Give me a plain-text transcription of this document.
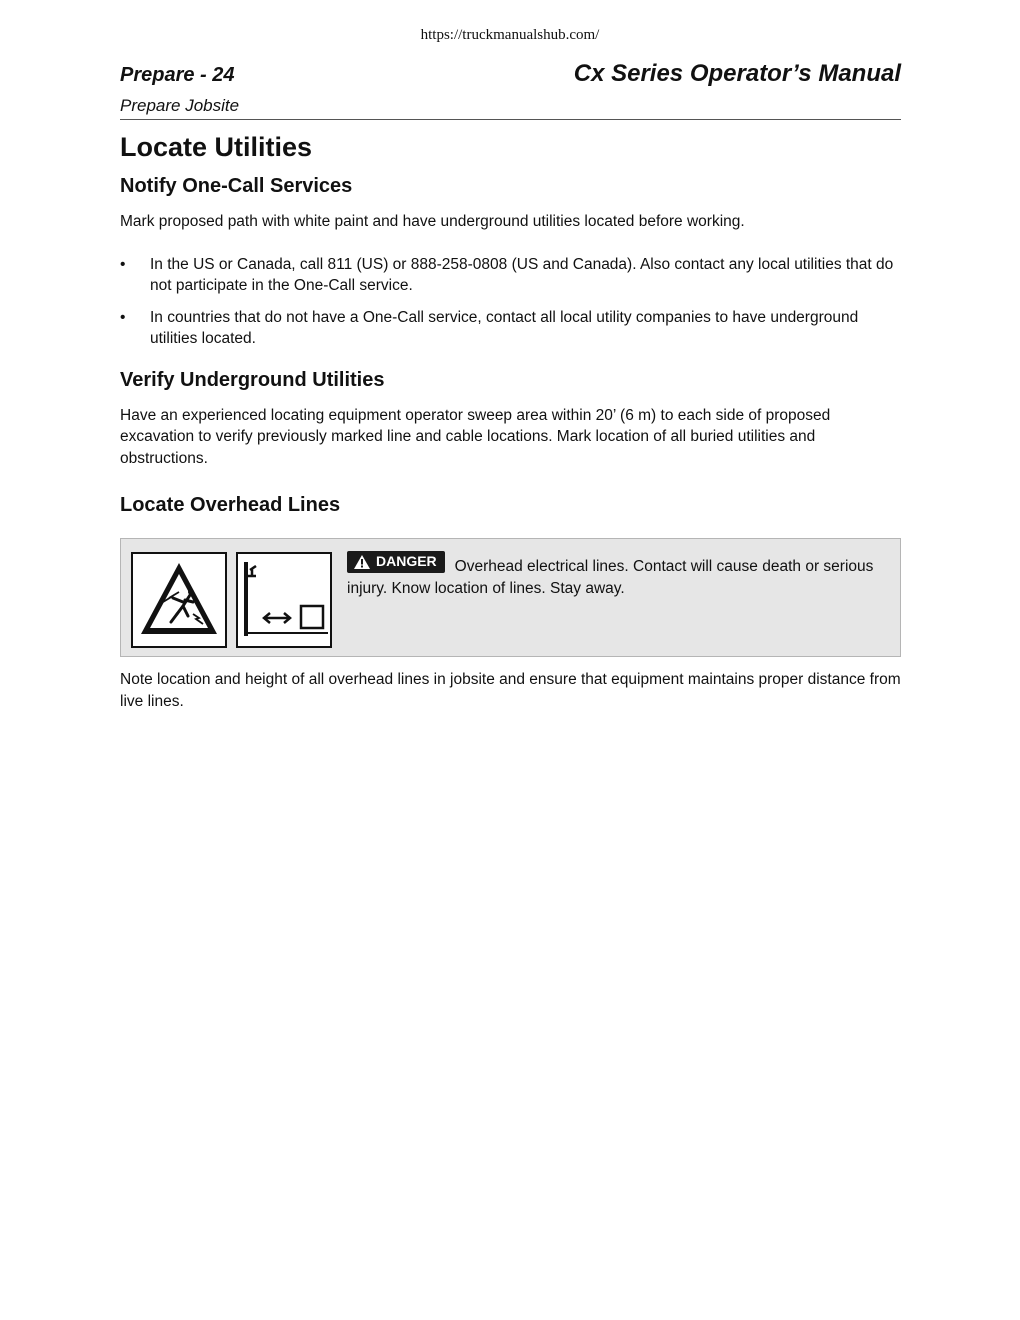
https://truckmanualshub.com/
Prepare - 24	Cx Series Operator’s Manual
Prepare Jobsite
Locate Utilities
Notify One-Call Services

Mark proposed path with white paint and have underground utilities located before working.

• In the US or Canada, call 811 (US) or 888-258-0808 (US and Canada). Also contact any local utilities that do not participate in the One-Call service.
• In countries that do not have a One-Call service, contact all local utility companies to have underground utilities located.
Verify Underground Utilities

Have an experienced locating equipment operator sweep area within 20’ (6 m) to each side of proposed excavation to verify previously marked line and cable locations. Mark location of all buried utilities and obstructions.

Locate Overhead Lines
DANGER Overhead electrical lines. Contact will cause death or serious injury. Know location of lines. Stay away.

Note location and height of all overhead lines in jobsite and ensure that equipment maintains proper distance from live lines.
